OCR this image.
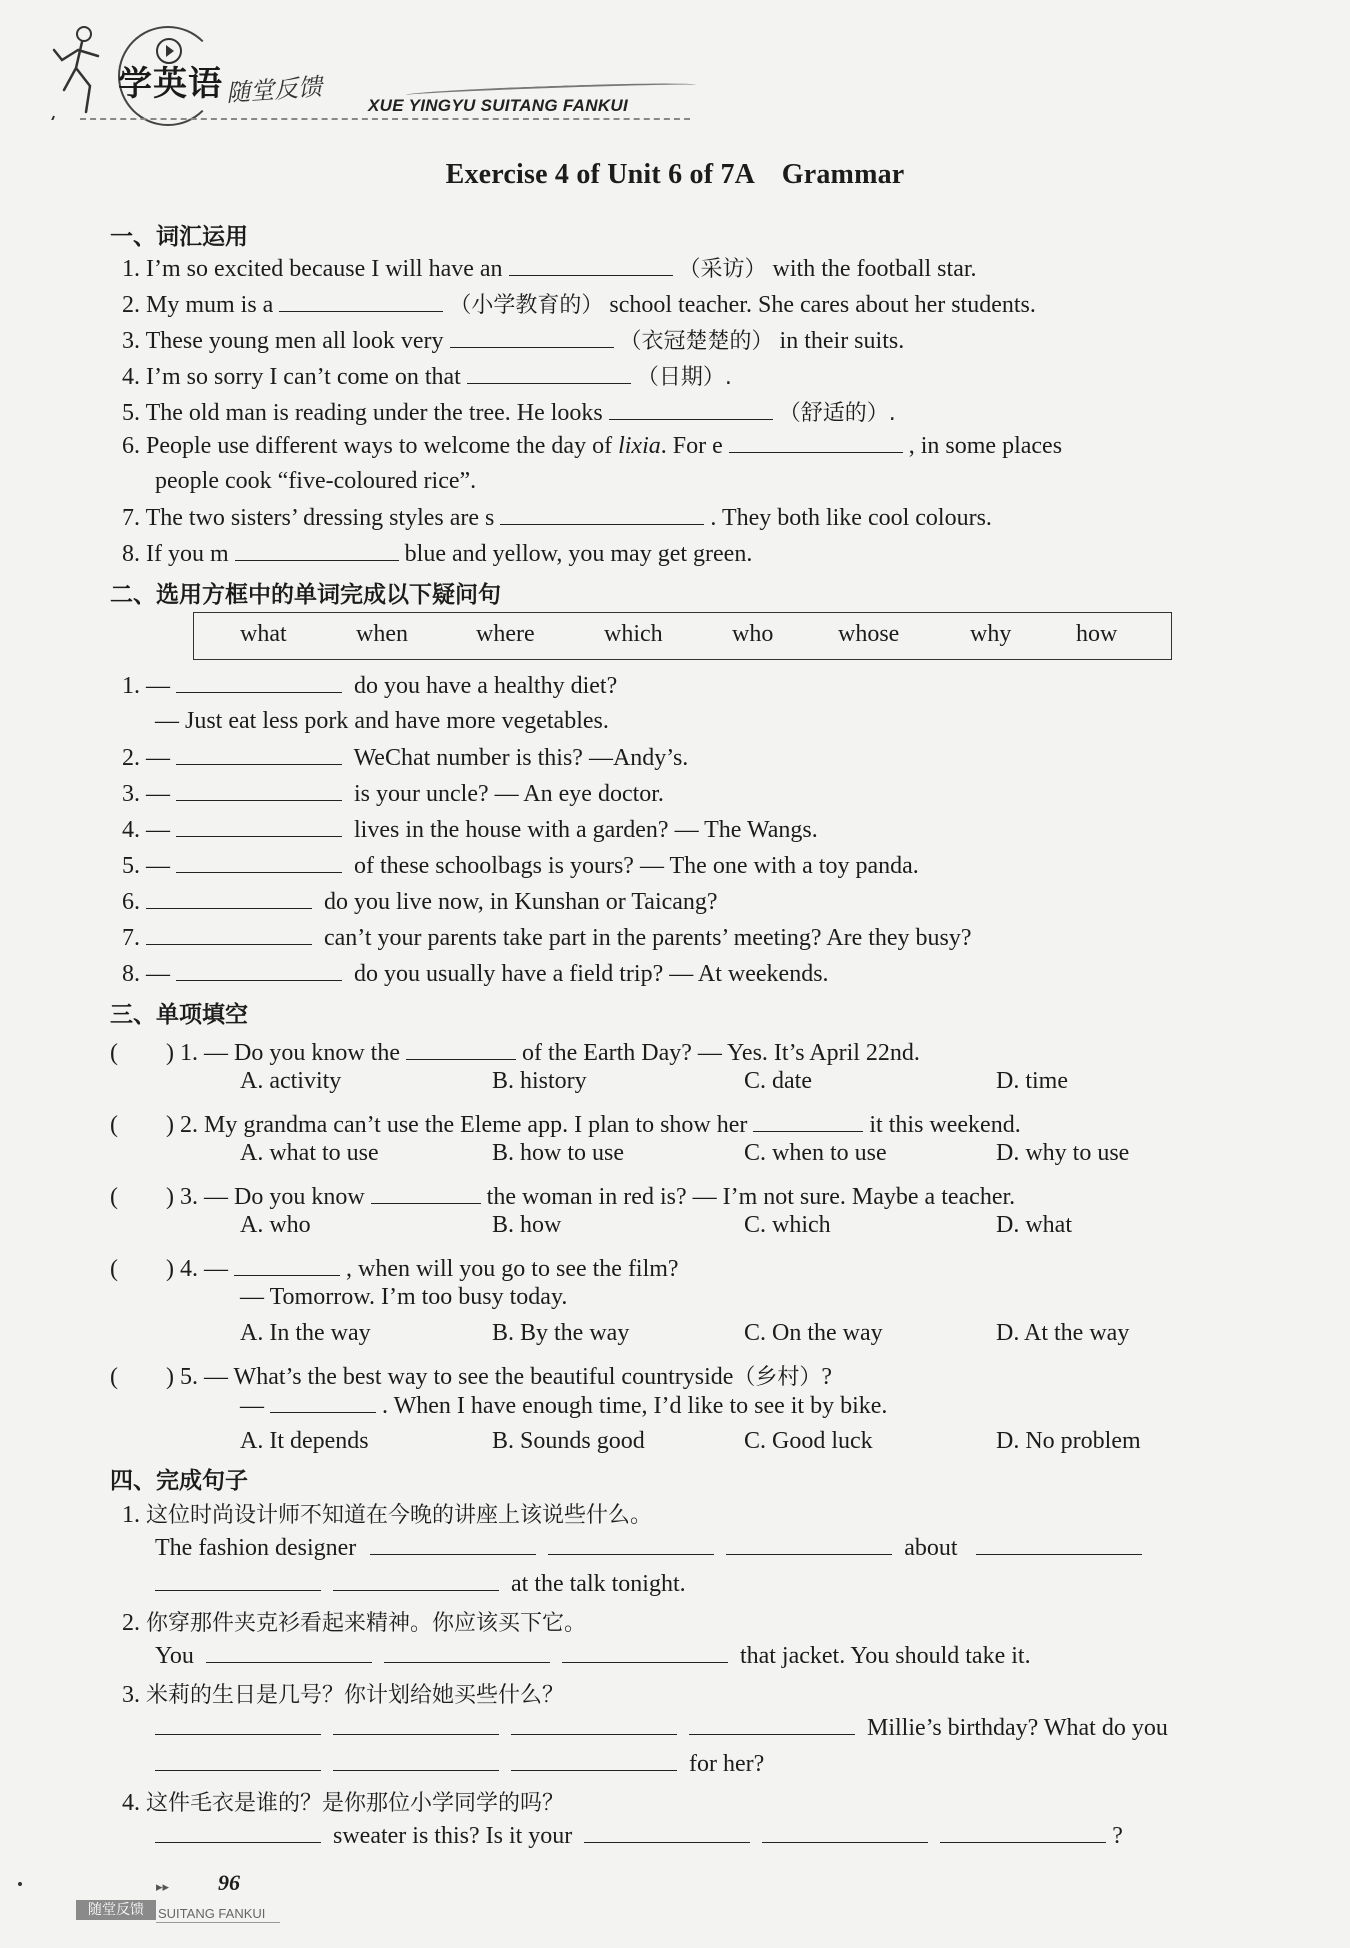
学英语 随堂反馈	XUE YINGYU SUITANG FANKUI
Exercise 4 of Unit 6 of 7A　Grammar
一、词汇运用
1. I’m so excited because I will have an	（采访） with the football star.
2. My mum is a	（小学教育的） school teacher. She cares about her students.
3. These young men all look very	（衣冠楚楚的） in their suits.
4. I’m so sorry I can’t come on that	（日期）.
5. The old man is reading under the tree. He looks	（舒适的）.
6. People use different ways to welcome the day of lixia. For e	, in some places
people cook “five-coloured rice”.
7. The two sisters’ dressing styles are s	. They both like cool colours.
8. If you m	blue and yellow, you may get green.
二、选用方框中的单词完成以下疑问句
what	when	where	which	who	whose	why	how
1. —	do you have a healthy diet?
— Just eat less pork and have more vegetables.
2. —	WeChat number is this? —Andy’s.
3. —	is your uncle? — An eye doctor.
4. —	lives in the house with a garden? — The Wangs.
5. —	of these schoolbags is yours? — The one with a toy panda.
6.	do you live now, in Kunshan or Taicang?
7.	can’t your parents take part in the parents’ meeting? Are they busy?
8. —	do you usually have a field trip? — At weekends.
三、单项填空
(　　) 1. — Do you know the	of the Earth Day? — Yes. It’s April 22nd.
A. activity	B. history	C. date	D. time
(　　) 2. My grandma can’t use the Eleme app. I plan to show her	it this weekend.
A. what to use	B. how to use	C. when to use	D. why to use
(　　) 3. — Do you know	the woman in red is? — I’m not sure. Maybe a teacher.
A. who	B. how	C. which	D. what
(　　) 4. —	, when will you go to see the film?
— Tomorrow. I’m too busy today.
A. In the way	B. By the way	C. On the way	D. At the way
(　　) 5. — What’s the best way to see the beautiful countryside（乡村）?
—	. When I have enough time, I’d like to see it by bike.
A. It depends	B. Sounds good	C. Good luck	D. No problem
四、完成句子
1. 这位时尚设计师不知道在今晚的讲座上该说些什么。
The fashion designer	about
at the talk tonight.
2. 你穿那件夹克衫看起来精神。你应该买下它。
You	that jacket. You should take it.
3. 米莉的生日是几号？你计划给她买些什么？
Millie’s birthday? What do you
for her?
4. 这件毛衣是谁的？是你那位小学同学的吗？
sweater is this? Is it your	?
▸▸ 96
随堂反馈	SUITANG FANKUI
